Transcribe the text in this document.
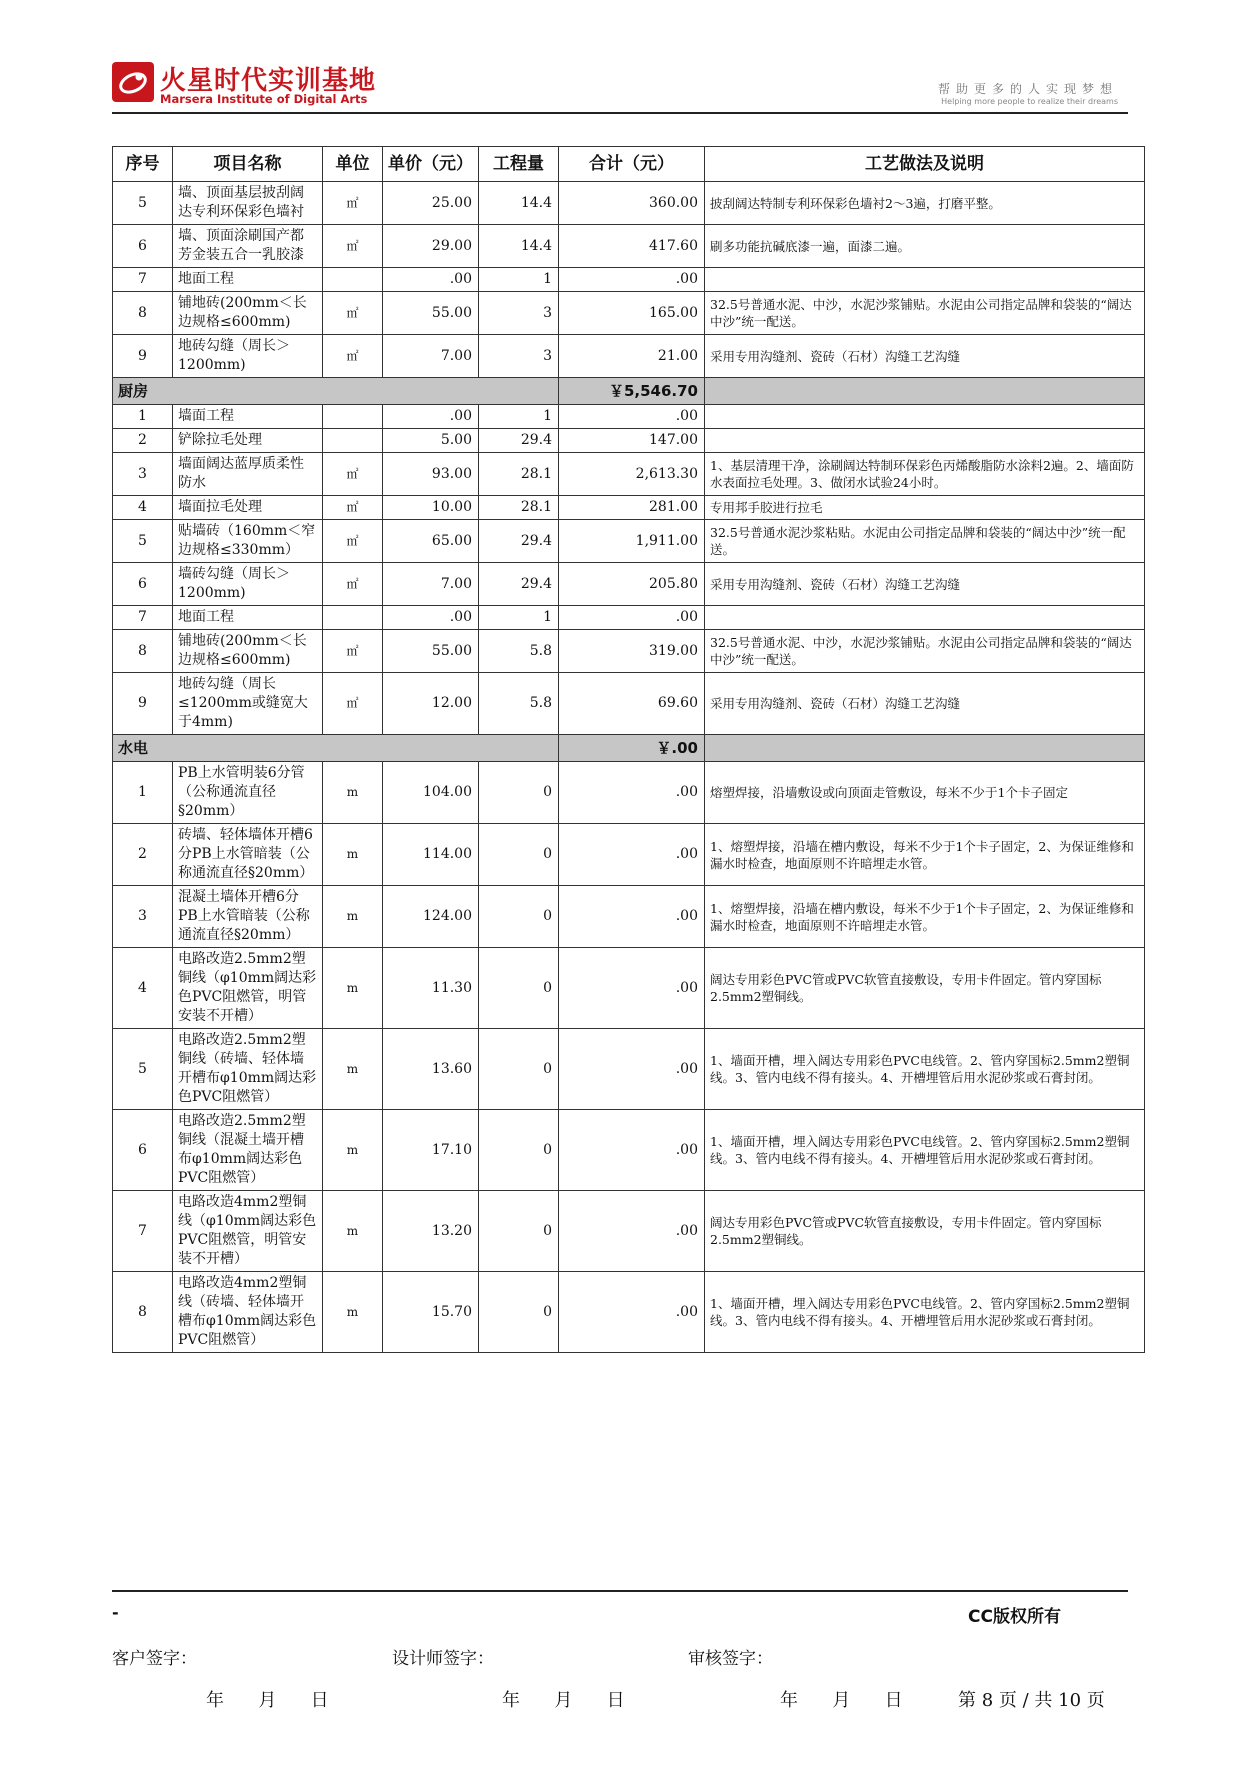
火星时代实训基地
Marsera Institute of Digital Arts
帮助更多的人实现梦想
Helping more people to realize their dreams
序号	项目名称	单位	单价（元）	工程量	合计（元）	工艺做法及说明
5	墙、顶面基层披刮阔达专利环保彩色墙衬	㎡	25.00	14.4	360.00	披刮阔达特制专利环保彩色墙衬2～3遍，打磨平整。
6	墙、顶面涂刷国产都芳金装五合一乳胶漆	㎡	29.00	14.4	417.60	刷多功能抗碱底漆一遍，面漆二遍。
7	地面工程		.00	1	.00	
8	铺地砖(200mm＜长边规格≤600mm)	㎡	55.00	3	165.00	32.5号普通水泥、中沙，水泥沙浆铺贴。水泥由公司指定品牌和袋装的“阔达中沙”统一配送。
9	地砖勾缝（周长＞1200mm)	㎡	7.00	3	21.00	采用专用沟缝剂、瓷砖（石材）沟缝工艺沟缝
厨房					￥5,546.70	
1	墙面工程		.00	1	.00	
2	铲除拉毛处理		5.00	29.4	147.00	
3	墙面阔达蓝厚质柔性防水	㎡	93.00	28.1	2,613.30	1、基层清理干净，涂刷阔达特制环保彩色丙烯酸脂防水涂料2遍。2、墙面防水表面拉毛处理。3、做闭水试验24小时。
4	墙面拉毛处理	㎡	10.00	28.1	281.00	专用邦手胶进行拉毛
5	贴墙砖（160mm＜窄边规格≤330mm）	㎡	65.00	29.4	1,911.00	32.5号普通水泥沙浆粘贴。水泥由公司指定品牌和袋装的“阔达中沙”统一配送。
6	墙砖勾缝（周长＞1200mm)	㎡	7.00	29.4	205.80	采用专用沟缝剂、瓷砖（石材）沟缝工艺沟缝
7	地面工程		.00	1	.00	
8	铺地砖(200mm＜长边规格≤600mm)	㎡	55.00	5.8	319.00	32.5号普通水泥、中沙，水泥沙浆铺贴。水泥由公司指定品牌和袋装的“阔达中沙”统一配送。
9	地砖勾缝（周长≤1200mm或缝宽大于4mm)	㎡	12.00	5.8	69.60	采用专用沟缝剂、瓷砖（石材）沟缝工艺沟缝
水电					￥.00	
1	PB上水管明装6分管（公称通流直径§20mm）	m	104.00	0	.00	熔塑焊接，沿墙敷设或向顶面走管敷设，每米不少于1个卡子固定
2	砖墙、轻体墙体开槽6分PB上水管暗装（公称通流直径§20mm）	m	114.00	0	.00	1、熔塑焊接，沿墙在槽内敷设，每米不少于1个卡子固定，2、为保证维修和漏水时检查，地面原则不许暗埋走水管。
3	混凝土墙体开槽6分PB上水管暗装（公称通流直径§20mm）	m	124.00	0	.00	1、熔塑焊接，沿墙在槽内敷设，每米不少于1个卡子固定，2、为保证维修和漏水时检查，地面原则不许暗埋走水管。
4	电路改造2.5mm2塑铜线（φ10mm阔达彩色PVC阻燃管，明管安装不开槽）	m	11.30	0	.00	阔达专用彩色PVC管或PVC软管直接敷设，专用卡件固定。管内穿国标2.5mm2塑铜线。
5	电路改造2.5mm2塑铜线（砖墙、轻体墙开槽布φ10mm阔达彩色PVC阻燃管）	m	13.60	0	.00	1、墙面开槽，埋入阔达专用彩色PVC电线管。2、管内穿国标2.5mm2塑铜线。3、管内电线不得有接头。4、开槽埋管后用水泥砂浆或石膏封闭。
6	电路改造2.5mm2塑铜线（混凝土墙开槽布φ10mm阔达彩色PVC阻燃管）	m	17.10	0	.00	1、墙面开槽，埋入阔达专用彩色PVC电线管。2、管内穿国标2.5mm2塑铜线。3、管内电线不得有接头。4、开槽埋管后用水泥砂浆或石膏封闭。
7	电路改造4mm2塑铜线（φ10mm阔达彩色PVC阻燃管，明管安装不开槽）	m	13.20	0	.00	阔达专用彩色PVC管或PVC软管直接敷设，专用卡件固定。管内穿国标2.5mm2塑铜线。
8	电路改造4mm2塑铜线（砖墙、轻体墙开槽布φ10mm阔达彩色PVC阻燃管）	m	15.70	0	.00	1、墙面开槽，埋入阔达专用彩色PVC电线管。2、管内穿国标2.5mm2塑铜线。3、管内电线不得有接头。4、开槽埋管后用水泥砂浆或石膏封闭。
-	CC版权所有
客户签字：	设计师签字：	审核签字：
年      月      日	年      月      日	年      月      日	第 8 页 / 共 10 页
